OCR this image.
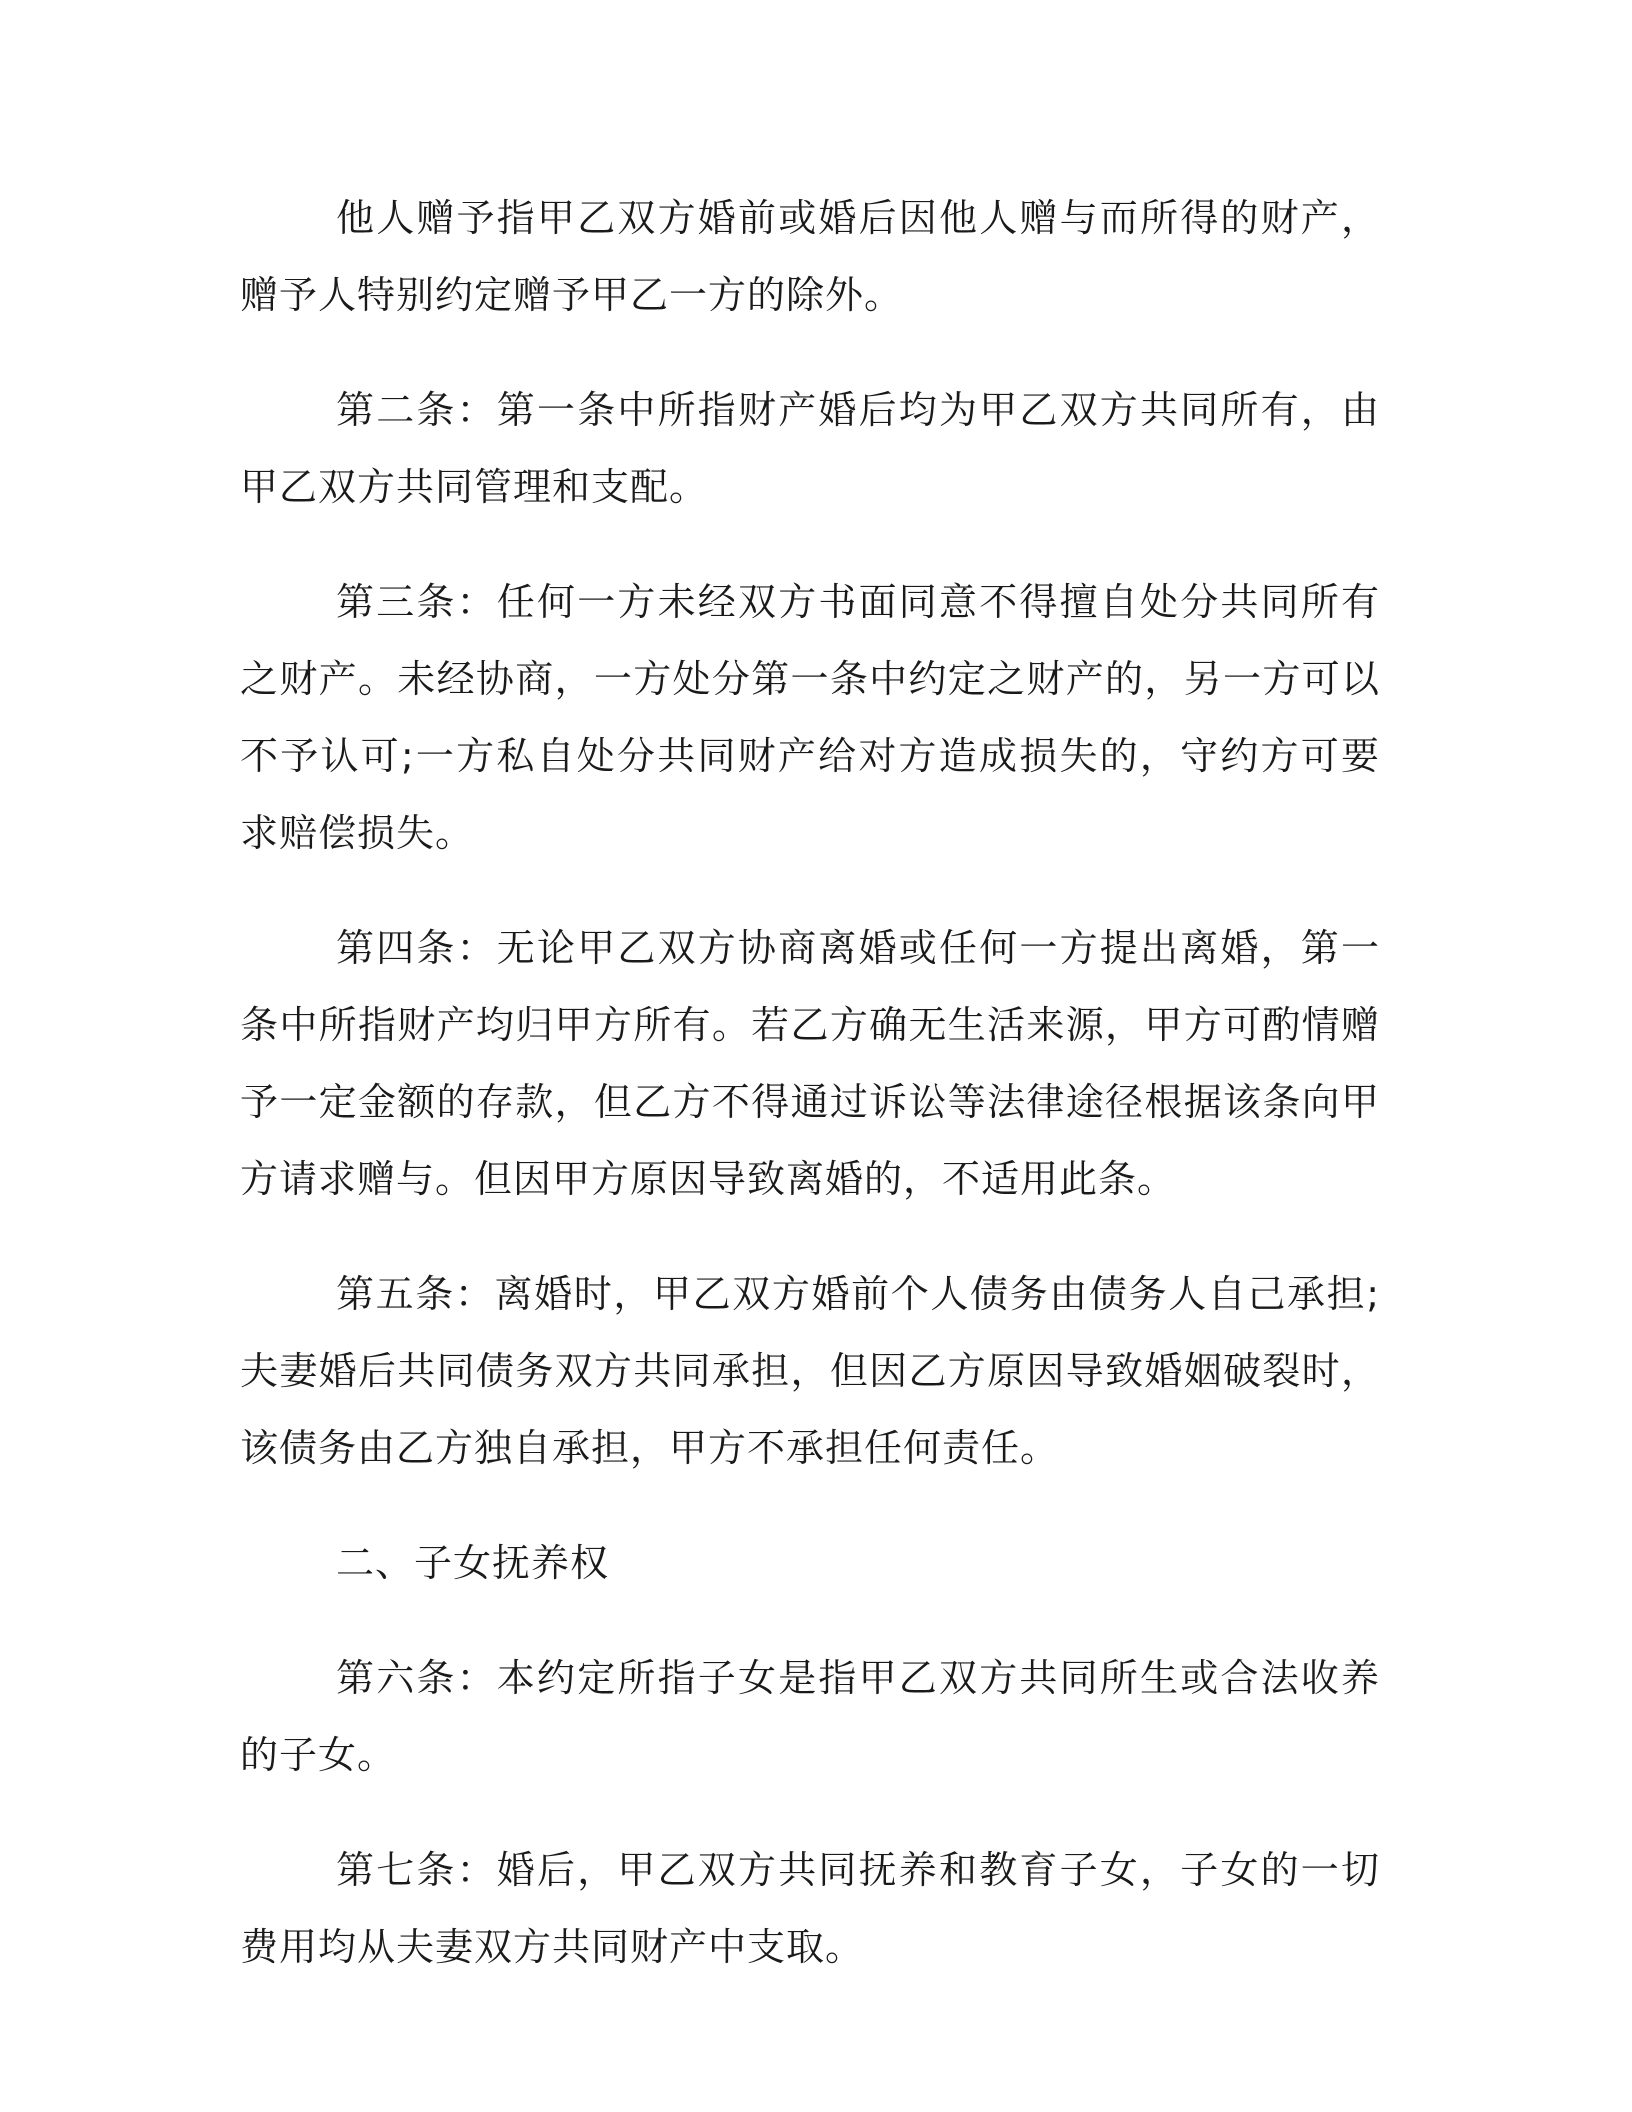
他人赠予指甲乙双方婚前或婚后因他人赠与而所得的财产，赠予人特别约定赠予甲乙一方的除外。

第二条：第一条中所指财产婚后均为甲乙双方共同所有，由甲乙双方共同管理和支配。

第三条：任何一方未经双方书面同意不得擅自处分共同所有之财产。未经协商，一方处分第一条中约定之财产的，另一方可以不予认可;一方私自处分共同财产给对方造成损失的，守约方可要求赔偿损失。

第四条：无论甲乙双方协商离婚或任何一方提出离婚，第一条中所指财产均归甲方所有。若乙方确无生活来源，甲方可酌情赠予一定金额的存款，但乙方不得通过诉讼等法律途径根据该条向甲方请求赠与。但因甲方原因导致离婚的，不适用此条。

第五条：离婚时，甲乙双方婚前个人债务由债务人自己承担;夫妻婚后共同债务双方共同承担，但因乙方原因导致婚姻破裂时，该债务由乙方独自承担，甲方不承担任何责任。

二、子女抚养权

第六条：本约定所指子女是指甲乙双方共同所生或合法收养的子女。

第七条：婚后，甲乙双方共同抚养和教育子女，子女的一切费用均从夫妻双方共同财产中支取。
